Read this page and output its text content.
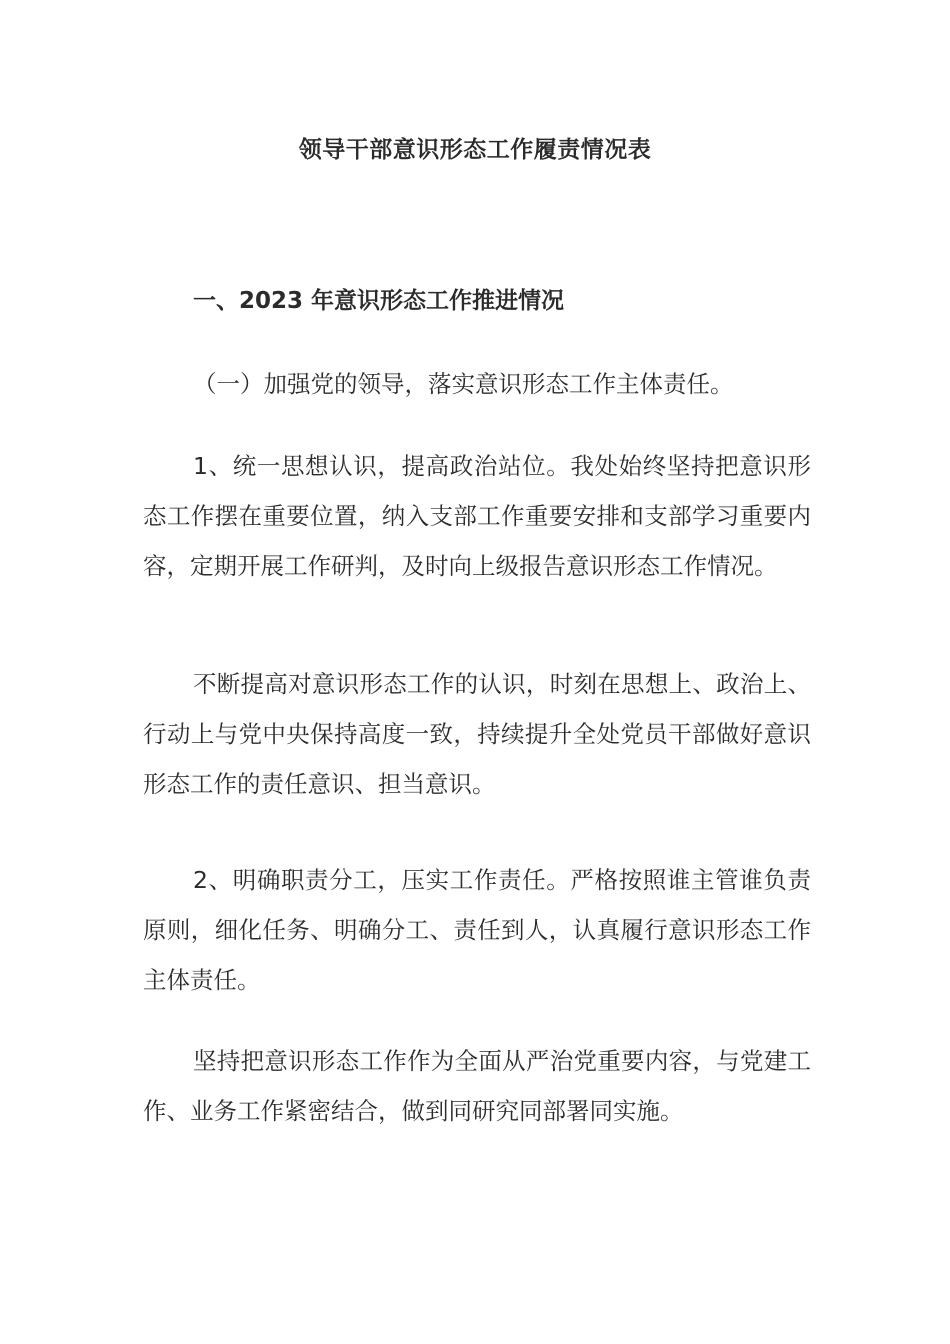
领导干部意识形态工作履责情况表
一、2023 年意识形态工作推进情况

（一）加强党的领导，落实意识形态工作主体责任。

1、统一思想认识，提高政治站位。我处始终坚持把意识形态工作摆在重要位置，纳入支部工作重要安排和支部学习重要内容，定期开展工作研判，及时向上级报告意识形态工作情况。

不断提高对意识形态工作的认识，时刻在思想上、政治上、行动上与党中央保持高度一致，持续提升全处党员干部做好意识形态工作的责任意识、担当意识。

2、明确职责分工，压实工作责任。严格按照谁主管谁负责原则，细化任务、明确分工、责任到人，认真履行意识形态工作主体责任。

坚持把意识形态工作作为全面从严治党重要内容，与党建工作、业务工作紧密结合，做到同研究同部署同实施。
